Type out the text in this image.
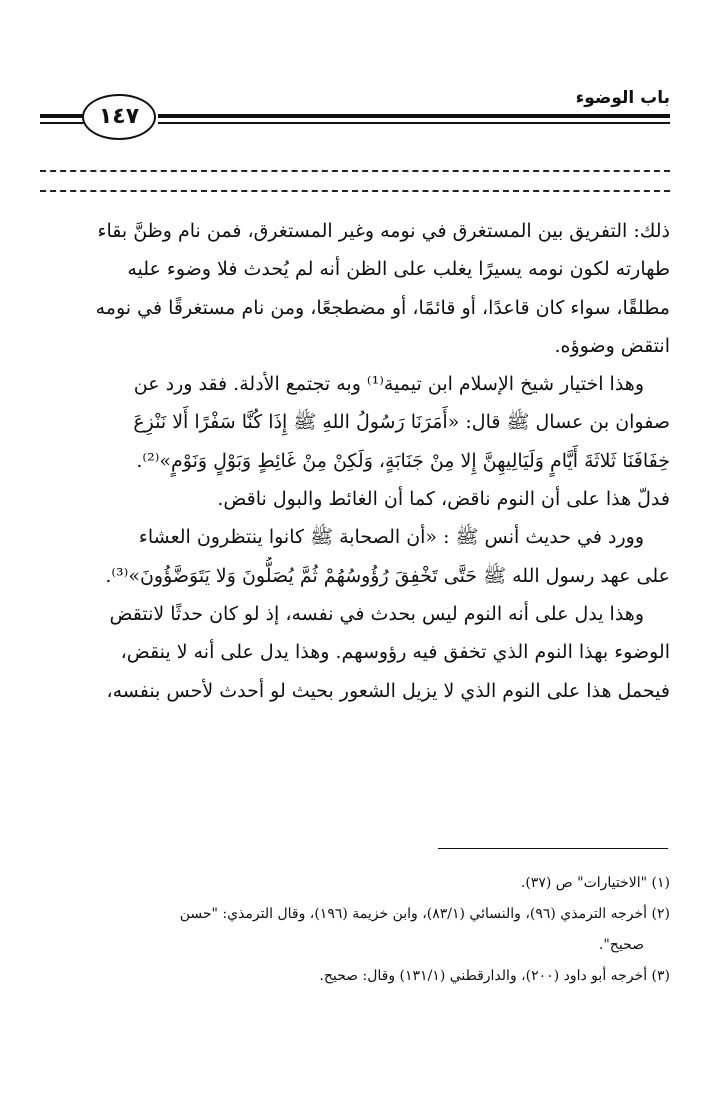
باب الوضوء
١٤٧
ذلك: التفريق بين المستغرق في نومه وغير المستغرق، فمن نام وظنَّ بقاء
طهارته لكون نومه يسيرًا يغلب على الظن أنه لم يُحدث فلا وضوء عليه
مطلقًا، سواء كان قاعدًا، أو قائمًا، أو مضطجعًا، ومن نام مستغرقًا في نومه
انتقض وضوؤه.
وهذا اختيار شيخ الإسلام ابن تيمية⁽¹⁾ وبه تجتمع الأدلة. فقد ورد عن
صفوان بن عسال ﷺ قال: «أَمَرَنَا رَسُولُ اللهِ ﷺ إِذَا كُنَّا سَفْرًا أَلا نَنْزِعَ
خِفَافَنَا ثَلاثَةَ أَيَّامٍ وَلَيَالِيهِنَّ إِلا مِنْ جَنَابَةٍ، وَلَكِنْ مِنْ غَائِطٍ وَبَوْلٍ وَنَوْمٍ»⁽²⁾.
فدلّ هذا على أن النوم ناقض، كما أن الغائط والبول ناقض.
وورد في حديث أنس ﷺ : «أن الصحابة ﷺ كانوا ينتظرون العشاء
على عهد رسول الله ﷺ حَتَّى تَخْفِقَ رُؤُوسُهُمْ ثُمَّ يُصَلُّونَ وَلا يَتَوَضَّؤُونَ»⁽³⁾.
وهذا يدل على أنه النوم ليس بحدث في نفسه، إذ لو كان حدثًا لانتقض
الوضوء بهذا النوم الذي تخفق فيه رؤوسهم. وهذا يدل على أنه لا ينقض،
فيحمل هذا على النوم الذي لا يزيل الشعور بحيث لو أحدث لأحس بنفسه،
(١) "الاختيارات" ص (٣٧).
(٢) أخرجه الترمذي (٩٦)، والنسائي (٨٣/١)، وابن خزيمة (١٩٦)، وقال الترمذي: "حسن
صحيح".
(٣) أخرجه أبو داود (٢٠٠)، والدارقطني (١٣١/١) وقال: صحيح.
